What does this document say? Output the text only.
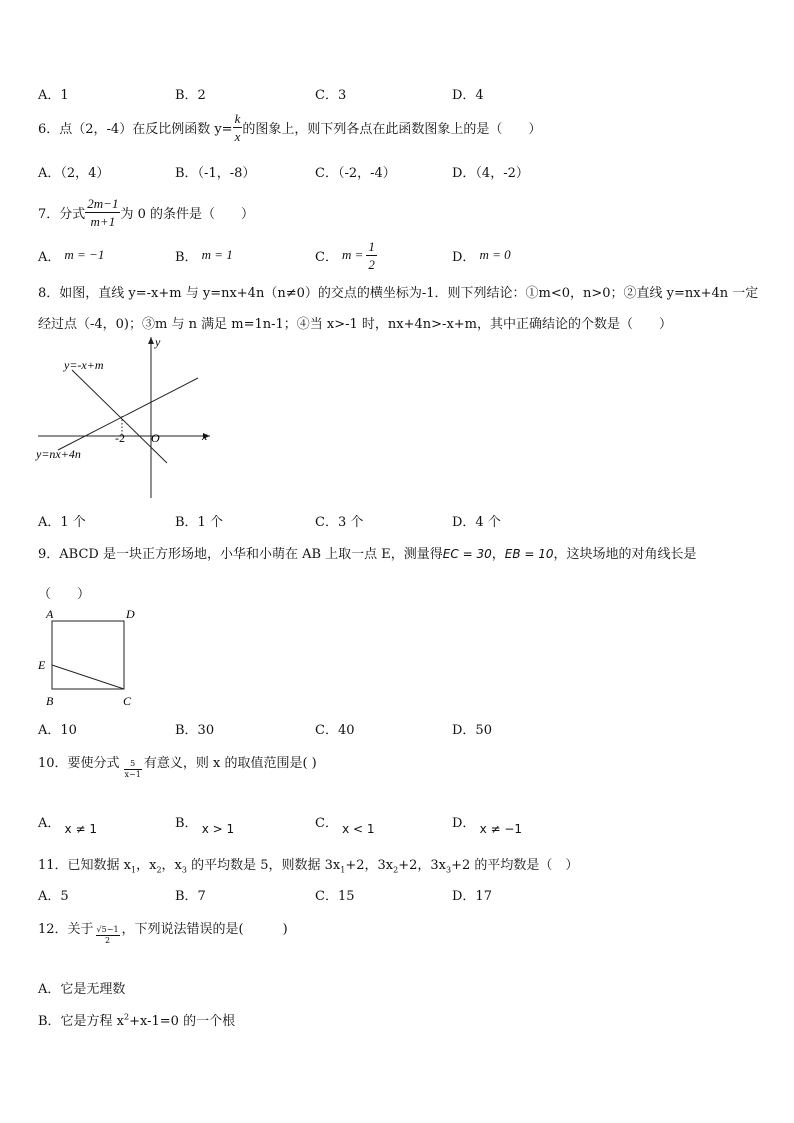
A．1	B．2	C．3	D．4
6．点（2，-4）在反比例函数 $y= \frac{k}{x}$ 的图象上，则下列各点在此函数图象上的是（　　）
A．（2，4）	B．（-1，-8）	C．（-2，-4）	D．（4，-2）
7．分式 $\frac{2m-1}{m+1}$ 为 0 的条件是（　　）
A． m = −1	B． m = 1	C． $m = \frac{1}{2}$	D． m = 0
8．如图，直线 y=-x+m 与 y=nx+4n（n≠0）的交点的横坐标为-1．则下列结论：①m<0，n>0；②直线 y=nx+4n 一定
经过点（-4，0)；③m 与 n 满足 m=1n-1；④当 x>-1 时，nx+4n>-x+m，其中正确结论的个数是（　　）
y
x
O
-2
y=-x+m
y=nx+4n
A．1 个	B．1 个	C．3 个	D．4 个
9．ABCD 是一块正方形场地，小华和小萌在 AB 上取一点 E，测量得 EC = 30 ， EB = 10 ，这块场地的对角线长是
（　　）
A	D
E
B	C
A．10	B．30	C．40	D．50
10．要使分式 $\frac{5}{x-1}$ 有意义，则 x 的取值范围是( )
A． x ≠ 1	B． x > 1	C． x < 1	D． x ≠ −1
11．已知数据 $x_1$，$x_2$，$x_3$ 的平均数是 5，则数据 $3x_1+2$，$3x_2+2$，$3x_3+2$ 的平均数是（　）
A．5	B．7	C．15	D．17
12．关于 $\frac{√5-1}{2}$ ，下列说法错误的是(　　　)
A．它是无理数
B．它是方程 $x^2+x-1=0$ 的一个根
